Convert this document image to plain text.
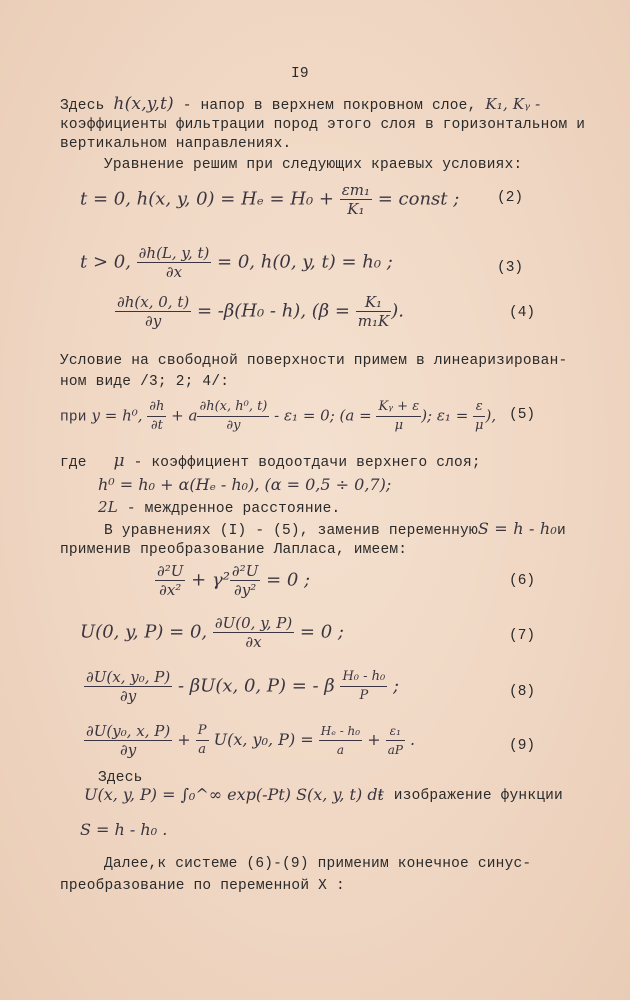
I9
Здесь h(x,y,t) - напор в верхнем покровном слое, K₁, Kᵧ -
коэффициенты фильтрации пород этого слоя в горизонтальном и
вертикальном направлениях.
Уравнение решим при следующих краевых условиях:
t = 0, h(x, y, $0) = H_e = H_0 + \frac{\text{εm₁}}{\text{K₁}}$ = const ;	(2)
t > 0, $\frac{\partial h(L, y, t)}{\partial x} = 0$, h(0, y, t) = h₀ ;	(3)
$\frac{\partial h(x, 0, t)}{\partial y} = -\beta(H_0 - h)$, ($\beta = \frac{\text{K₁}}{\text{m₁K}}$ ).	(4)
Условие на свободной поверхности примем в линеаризирован-
ном виде /3; 2; 4/:
при y = h⁰, $\frac{\partial h}{\partial t} + a \frac{\text{∂h(x, h⁰, t)}}{\partial y} - \varepsilon_1 = 0$; ($a = \frac{\text{Kᵧ + ε}}{\mu}$ ); $\varepsilon_1 = \frac{\varepsilon}{\mu}$ ), (5)
где μ - коэффициент водоотдачи верхнего слоя;
h⁰ = h₀ + α(Hₑ - h₀), (α = 0,5 ÷ 0,7);
2L - междренное расстояние.
В уравнениях (I) - (5), заменив переменнуюS = h - h₀и
применив преобразование Лапласа, имеем:
$\frac{\text{∂²U}}{\text{∂x²}} + \gamma^2 \frac{\text{∂²U}}{\text{∂y²}} = 0$ ;	(6)
U(0, y, P) = 0, $\frac{\partial U(0, y, P)}{\partial x} = 0$ ;	(7)
$\frac{\text{∂U(x, y₀, P)}}{\partial y} - \beta U(x$, 0, P) = - β $\frac{\text{H₀ - h₀}}{P}$ ;	(8)
$\frac{\text{∂U(y₀, x, P)}}{\partial y} + \frac{P}{a} U(x$, y₀, $P) = \frac{\text{Hₑ - h₀}}{a} + \frac{\text{ε₁}}{aP}$ .	(9)
Здесь
U(x, y, P) = ∫₀^∞ exp(-Pt) S(x, y, t) dt
- изображение функции
S = h - h₀ .
Далее,к системе (6)-(9) применим конечное синус-
преобразование по переменной X :
